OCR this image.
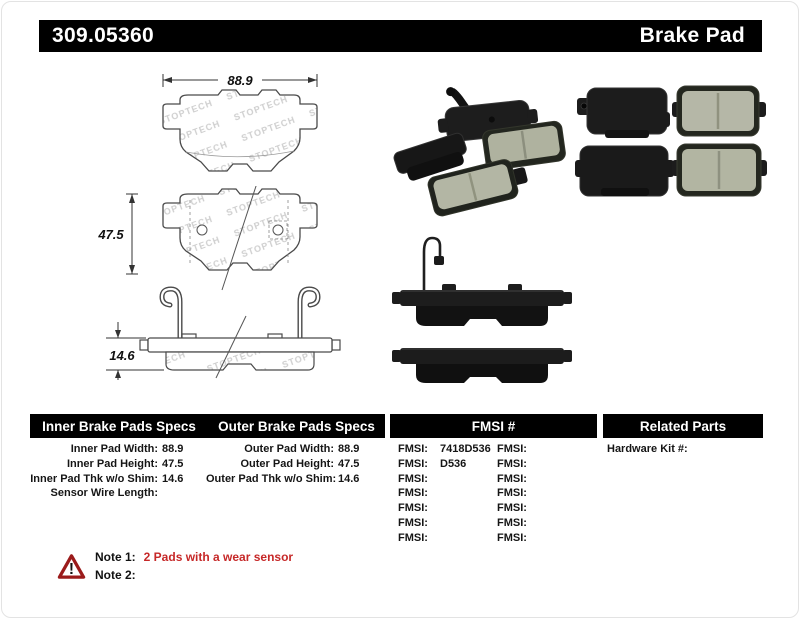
309.05360	Brake Pad
88.9
47.5
14.6
Inner Brake Pads Specs Outer Brake Pads Specs	FMSI #	Related Parts
Inner Pad Width: 88.9
Inner Pad Height: 47.5
Inner Pad Thk w/o Shim: 14.6
Sensor Wire Length:
Outer Pad Width: 88.9
Outer Pad Height: 47.5
Outer Pad Thk w/o Shim: 14.6
FMSI: 7418D536
FMSI: D536
FMSI:
FMSI:
FMSI:
FMSI:
FMSI:
FMSI:
FMSI:
FMSI:
FMSI:
FMSI:
FMSI:
FMSI:
Hardware Kit #:
!
Note 1: 2 Pads with a wear sensor
Note 2:
